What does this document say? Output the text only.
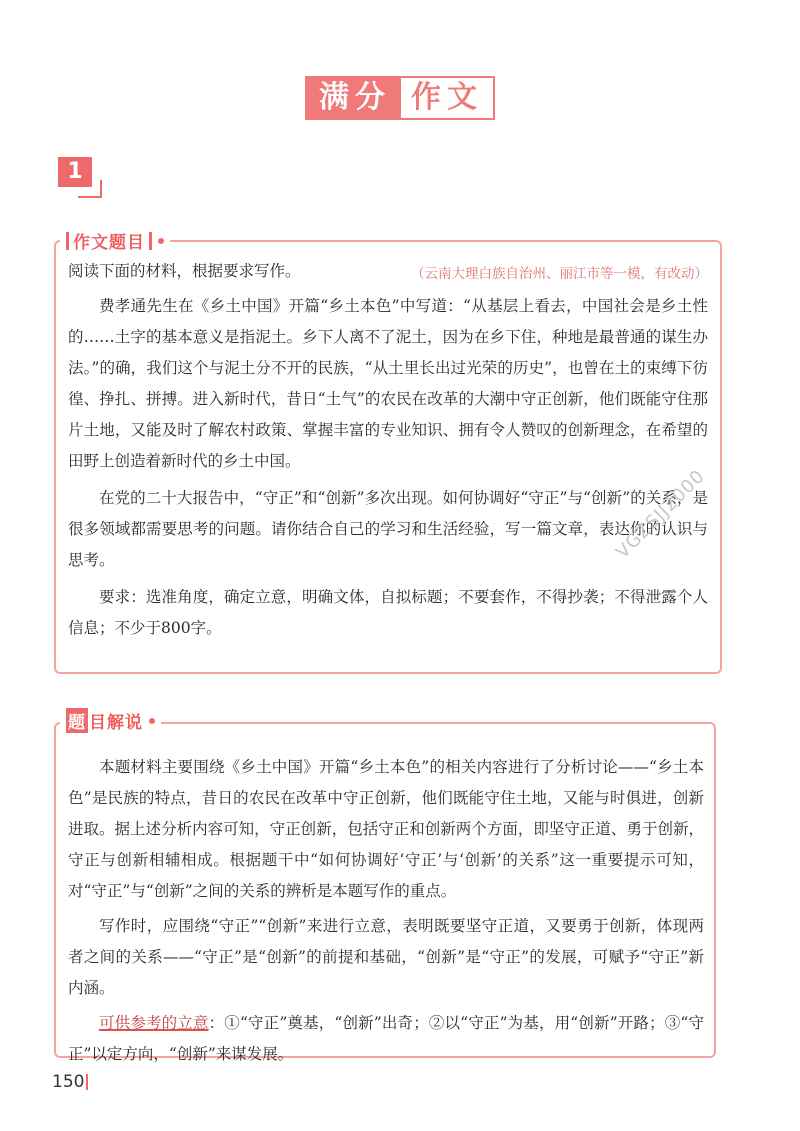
满分 作文
1
作 文题目
阅读下面的材料，根据要求写作。	（云南大理白族自治州、丽江市等一模，有改动）

费孝通先生在《乡土中国》开篇“乡土本色”中写道：“从基层上看去，中国社会是乡土性的……土字的基本意义是指泥土。乡下人离不了泥土，因为在乡下住，种地是最普通的谋生办法。”的确，我们这个与泥土分不开的民族，“从土里长出过光荣的历史”，也曾在土的束缚下彷徨、挣扎、拼搏。进入新时代，昔日“土气”的农民在改革的大潮中守正创新，他们既能守住那片土地，又能及时了解农村政策、掌握丰富的专业知识、拥有令人赞叹的创新理念，在希望的田野上创造着新时代的乡土中国。

在党的二十大报告中，“守正”和“创新”多次出现。如何协调好“守正”与“创新”的关系，是很多领域都需要思考的问题。请你结合自己的学习和生活经验，写一篇文章，表达你的认识与思考。

要求：选准角度，确定立意，明确文体，自拟标题；不要套作，不得抄袭；不得泄露个人信息；不少于800字。

VGZSJJ2000
题 目解说

本题材料主要围绕《乡土中国》开篇“乡土本色”的相关内容进行了分析讨论——“乡土本色”是民族的特点，昔日的农民在改革中守正创新，他们既能守住土地，又能与时俱进，创新进取。据上述分析内容可知，守正创新，包括守正和创新两个方面，即坚守正道、勇于创新，守正与创新相辅相成。根据题干中“如何协调好‘守正’与‘创新’的关系”这一重要提示可知，对“守正”与“创新”之间的关系的辨析是本题写作的重点。

写作时，应围绕“守正”“创新”来进行立意，表明既要坚守正道，又要勇于创新，体现两者之间的关系——“守正”是“创新”的前提和基础，“创新”是“守正”的发展，可赋予“守正”新内涵。

可供参考的立意：①“守正”奠基，“创新”出奇；②以“守正”为基，用“创新”开路；③“守正”以定方向，“创新”来谋发展。

150
